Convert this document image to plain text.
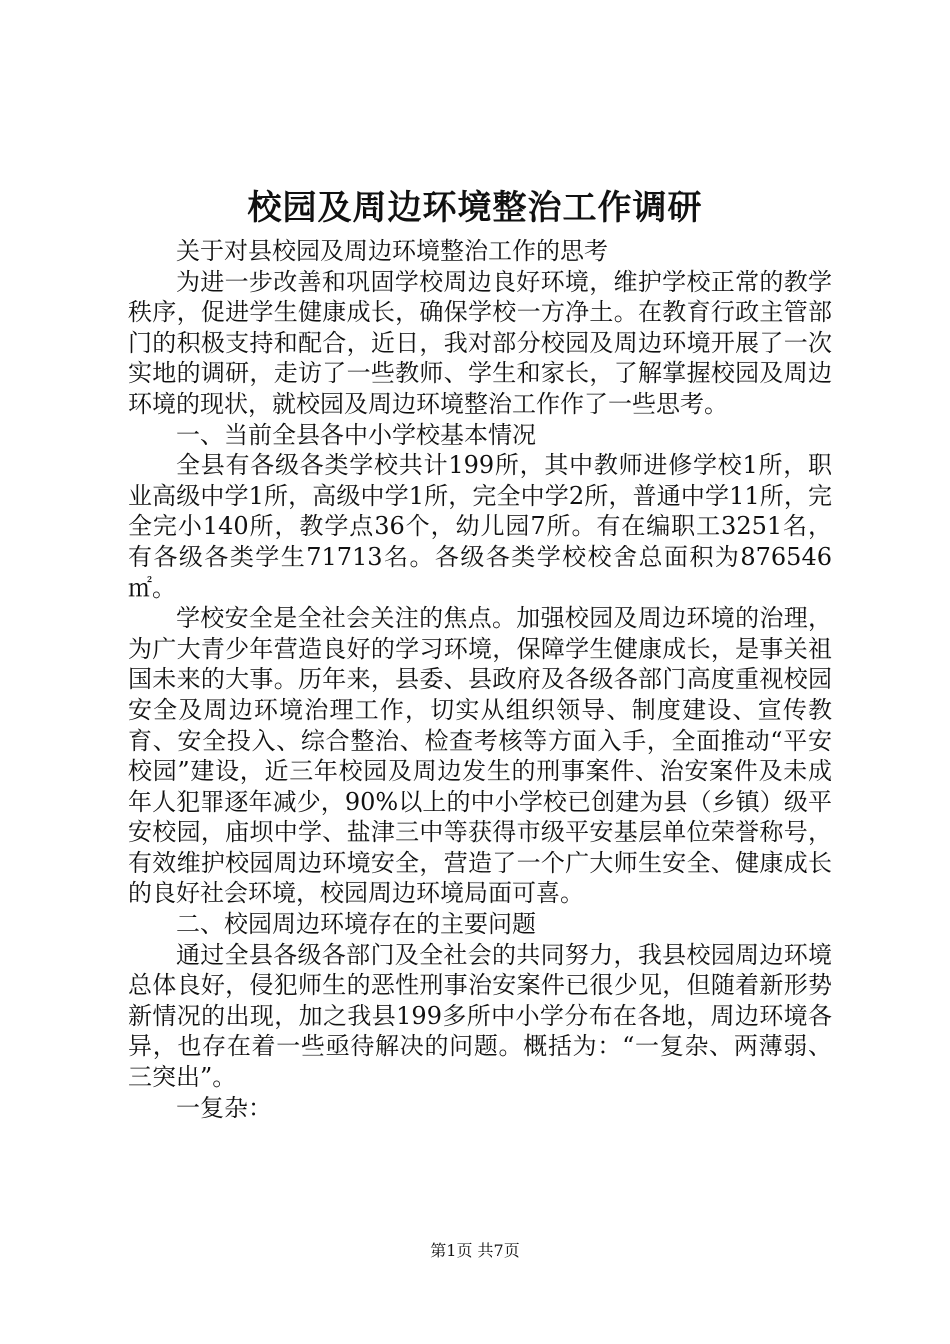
校园及周边环境整治工作调研

关于对县校园及周边环境整治工作的思考

为进一步改善和巩固学校周边良好环境，维护学校正常的教学秩序，促进学生健康成长，确保学校一方净土。在教育行政主管部门的积极支持和配合，近日，我对部分校园及周边环境开展了一次实地的调研，走访了一些教师、学生和家长，了解掌握校园及周边环境的现状，就校园及周边环境整治工作作了一些思考。

一、当前全县各中小学校基本情况

全县有各级各类学校共计199所，其中教师进修学校1所，职业高级中学1所，高级中学1所，完全中学2所，普通中学11所，完全完小140所，教学点36个，幼儿园7所。有在编职工3251名，有各级各类学生71713名。各级各类学校校舍总面积为876546㎡。

学校安全是全社会关注的焦点。加强校园及周边环境的治理，为广大青少年营造良好的学习环境，保障学生健康成长，是事关祖国未来的大事。历年来，县委、县政府及各级各部门高度重视校园安全及周边环境治理工作，切实从组织领导、制度建设、宣传教育、安全投入、综合整治、检查考核等方面入手，全面推动“平安校园”建设，近三年校园及周边发生的刑事案件、治安案件及未成年人犯罪逐年减少，90%以上的中小学校已创建为县（乡镇）级平安校园，庙坝中学、盐津三中等获得市级平安基层单位荣誉称号，有效维护校园周边环境安全，营造了一个广大师生安全、健康成长的良好社会环境，校园周边环境局面可喜。

二、校园周边环境存在的主要问题

通过全县各级各部门及全社会的共同努力，我县校园周边环境总体良好，侵犯师生的恶性刑事治安案件已很少见，但随着新形势新情况的出现，加之我县199多所中小学分布在各地，周边环境各异，也存在着一些亟待解决的问题。概括为：“一复杂、两薄弱、三突出”。

一复杂：

第1页 共7页
